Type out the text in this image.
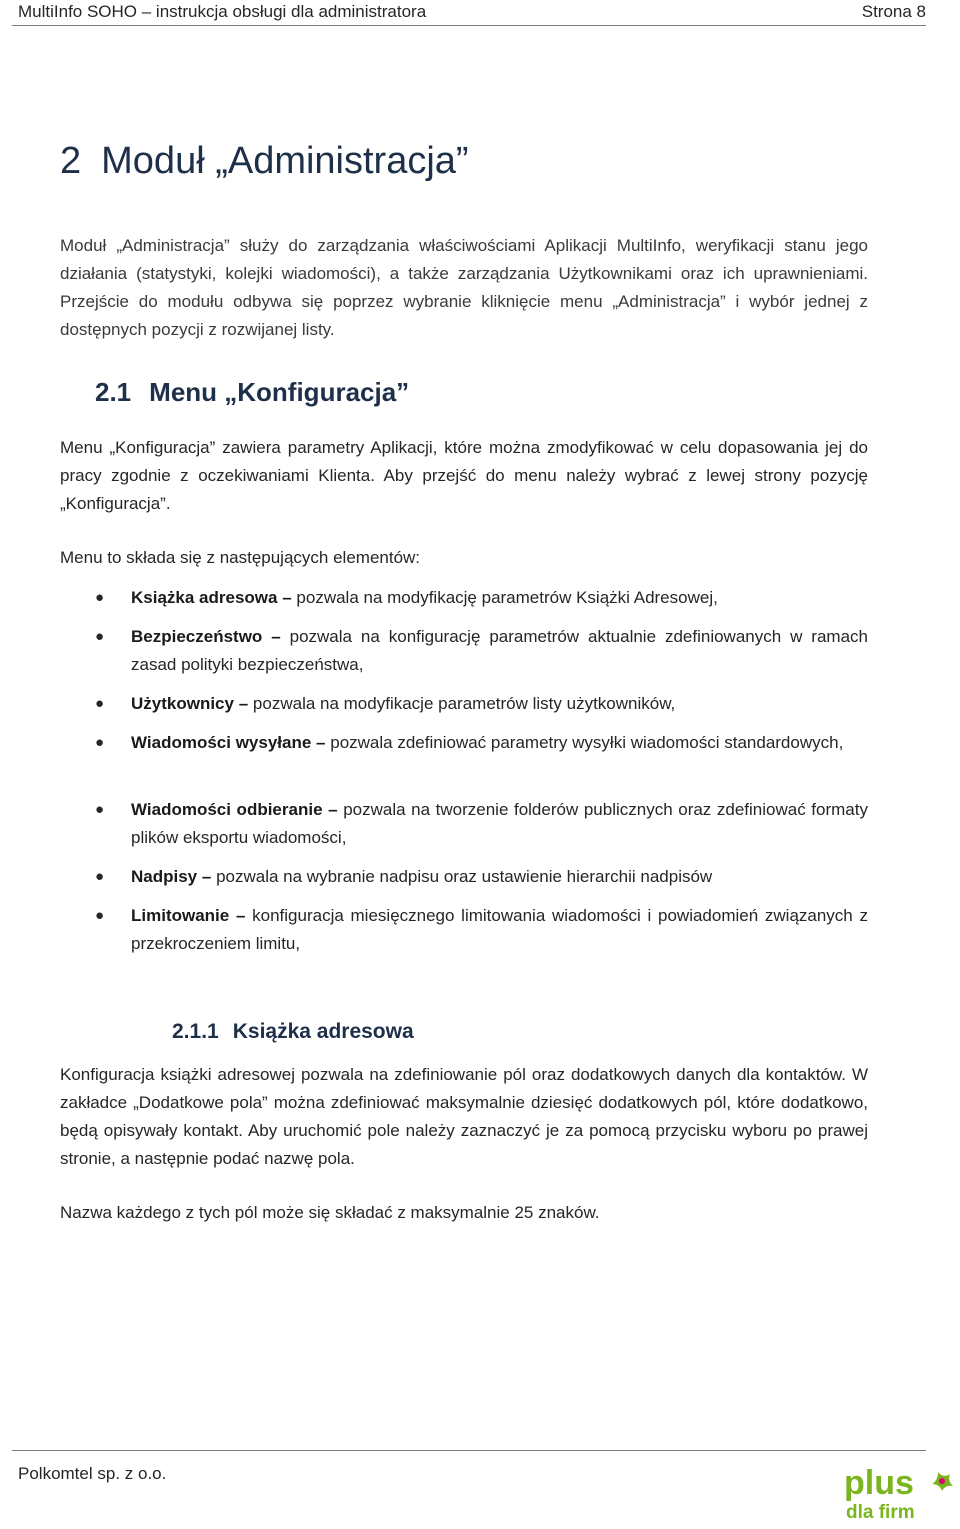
MultiInfo SOHO – instrukcja obsługi dla administratora	Strona 8
2 Moduł „Administracja”
Moduł „Administracja” służy do zarządzania właściwościami Aplikacji MultiInfo, weryfikacji stanu jego działania (statystyki, kolejki wiadomości), a także zarządzania Użytkownikami oraz ich uprawnieniami. Przejście do modułu odbywa się poprzez wybranie kliknięcie menu „Administracja” i wybór jednej z dostępnych pozycji z rozwijanej listy.
2.1 Menu „Konfiguracja”
Menu „Konfiguracja” zawiera parametry Aplikacji, które można zmodyfikować w celu dopasowania jej do pracy zgodnie z oczekiwaniami Klienta. Aby przejść do menu należy wybrać z lewej strony pozycję „Konfiguracja”.
Menu to składa się z następujących elementów:
● Książka adresowa – pozwala na modyfikację parametrów Książki Adresowej,
● Bezpieczeństwo – pozwala na konfigurację parametrów aktualnie zdefiniowanych w ramach zasad polityki bezpieczeństwa,
● Użytkownicy – pozwala na modyfikacje parametrów listy użytkowników,
● Wiadomości wysyłane – pozwala zdefiniować parametry wysyłki wiadomości standardowych,
● Wiadomości odbieranie – pozwala na tworzenie folderów publicznych oraz zdefiniować formaty plików eksportu wiadomości,
● Nadpisy – pozwala na wybranie nadpisu oraz ustawienie hierarchii nadpisów
● Limitowanie – konfiguracja miesięcznego limitowania wiadomości i powiadomień związanych z przekroczeniem limitu,
2.1.1 Książka adresowa
Konfiguracja książki adresowej pozwala na zdefiniowanie pól oraz dodatkowych danych dla kontaktów. W zakładce „Dodatkowe pola” można zdefiniować maksymalnie dziesięć dodatkowych pól, które dodatkowo, będą opisywały kontakt. Aby uruchomić pole należy zaznaczyć je za pomocą przycisku wyboru po prawej stronie, a następnie podać nazwę pola.
Nazwa każdego z tych pól może się składać z maksymalnie 25 znaków.
Polkomtel sp. z o.o.	plus
dla firm
